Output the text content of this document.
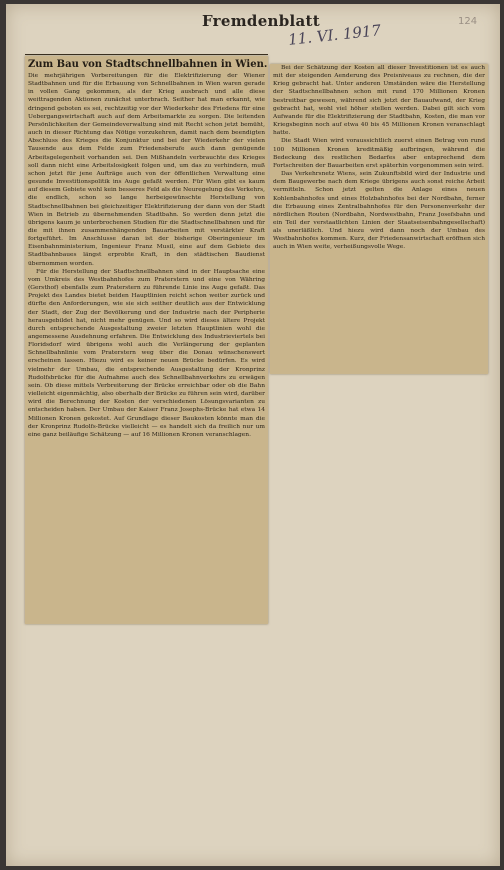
Fremdenblatt
11. VI. 1917	124
Zum Bau von Stadtschnellbahnen in Wien.

Die mehrjährigen Vorbereitungen für die Elektrifizierung der Wiener Stadtbahnen und für die Erbauung von Schnellbahnen in Wien waren gerade in vollen Gang gekommen, als der Krieg ausbrach und alle diese weittragenden Aktionen zunächst unterbrach. Seither hat man erkannt, wie dringend geboten es sei, rechtzeitig vor der Wiederkehr des Friedens für eine Uebergangswirtschaft auch auf dem Arbeitsmarkte zu sorgen. Die leitenden Persönlichkeiten der Gemeindeverwaltung sind mit Recht schon jetzt bemüht, auch in dieser Richtung das Nötige vorzukehren, damit nach dem beendigten Abschluss des Krieges die Konjunktur und bei der Wiederkehr der vielen Tausende aus dem Felde zum Friedensberufe auch dann genügende Arbeitsgelegenheit vorhanden sei. Den Mißhandeln verbrauchte des Krieges soll dann nicht eine Arbeitslosigkeit folgen und, um das zu verhindern, muß schon jetzt für jene Aufträge auch von der öffentlichen Verwaltung eine gesunde Investitionspolitik ins Auge gefaßt werden. Für Wien gibt es kaum auf diesem Gebiete wohl kein besseres Feld als die Neuregelung des Verkehrs, die endlich, schon so lange herbeigewünschte Herstellung von Stadtschnellbahnen bei gleichzeitiger Elektrifizierung der dann von der Stadt Wien in Betrieb zu übernehmenden Stadtbahn. So werden denn jetzt die übrigens kaum je unterbrochenen Studien für die Stadtschnellbahnen und für die mit ihnen zusammenhängenden Bauarbeiten mit verstärkter Kraft fortgeführt. Im Anschlusse daran ist der bisherige Oberingenieur im Eisenbahnministerium, Ingenieur Franz Musil, eine auf dem Gebiete des Stadtbahnbaues längst erprobte Kraft, in den städtischen Baudienst übernommen worden.

Für die Herstellung der Stadtschnellbahnen sind in der Hauptsache eine vom Umkreis des Westbahnhofes zum Praterstern und eine von Währing (Gersthof) ebenfalls zum Praterstern zu führende Linie ins Auge gefaßt. Das Projekt des Landes bietet beiden Hauptlinien reicht schon weiter zurück und dürfte den Anforderungen, wie sie sich seither deutlich aus der Entwicklung der Stadt, der Zug der Bevölkerung und der Industrie nach der Peripherie herausgebildet hat, nicht mehr genügen. Und so wird dieses ältere Projekt durch entsprechende Ausgestaltung zweier letzten Hauptlinien wohl die angemessene Ausdehnung erfahren. Die Entwicklung des Industrieviertels bei Floridsdorf wird übrigens wohl auch die Verlängerung der geplanten Schnellbahnlinie vom Praterstern weg über die Donau wünschenswert erscheinen lassen. Hiezu wird es keiner neuen Brücke bedürfen. Es wird vielmehr der Umbau, die entsprechende Ausgestaltung der Kronprinz Rudolfsbrücke für die Aufnahme auch des Schnellbahnverkehrs zu erwägen sein. Ob diese mittels Verbreiterung der Brücke erreichbar oder ob die Bahn vielleicht eigenmächtig, also oberhalb der Brücke zu führen sein wird, darüber wird die Berechnung der Kosten der verschiedenen Lösungsvarianten zu entscheiden haben. Der Umbau der Kaiser Franz Josephs-Brücke hat etwa 14 Millionen Kronen gekostet. Auf Grundlage dieser Baukosten könnte man die der Kronprinz Rudolfs-Brücke vielleicht — es handelt sich da freilich nur um eine ganz beiläufige Schätzung — auf 16 Millionen Kronen veranschlagen.

Bei der Schätzung der Kosten all dieser Investitionen ist es auch mit der steigenden Aenderung des Preisniveaus zu rechnen, die der Krieg gebracht hat. Unter anderen Umständen wäre die Herstellung der Stadtschnellbahnen schon mit rund 170 Millionen Kronen bestreitbar gewesen, während sich jetzt der Bauaufwand, der Krieg gebracht hat, wohl viel höher stellen werden. Dabei gilt sich vom Aufwande für die Elektrifizierung der Stadtbahn, Kosten, die man vor Kriegsbeginn noch auf etwa 40 bis 45 Millionen Kronen veranschlagt hatte.

Die Stadt Wien wird voraussichtlich zuerst einen Betrag von rund 100 Millionen Kronen kreditmäßig aufbringen, während die Bedeckung des restlichen Bedarfes aber entsprechend dem Fortschreiten der Bauarbeiten erst späterhin vorgenommen sein wird.

Das Verkehrsnetz Wiens, sein Zukunftsbild wird der Industrie und dem Baugewerbe nach dem Kriege übrigens auch sonst reiche Arbeit vermitteln. Schon jetzt gelten die Anlage eines neuen Kohlenbahnhofes und eines Holzbahnhofes bei der Nordbahn, ferner die Erbauung eines Zentralbahnhofes für den Personenverkehr der nördlichen Routen (Nordbahn, Nordwestbahn, Franz Josefsbahn und ein Teil der verstaatlichten Linien der Staatseisenbahngesellschaft) als unerläßlich. Und hiezu wird dann noch der Umbau des Westbahnhofes kommen. Kurz, der Friedensanwirtschaft eröffnen sich auch in Wien weite, verheißungsvolle Wege.
